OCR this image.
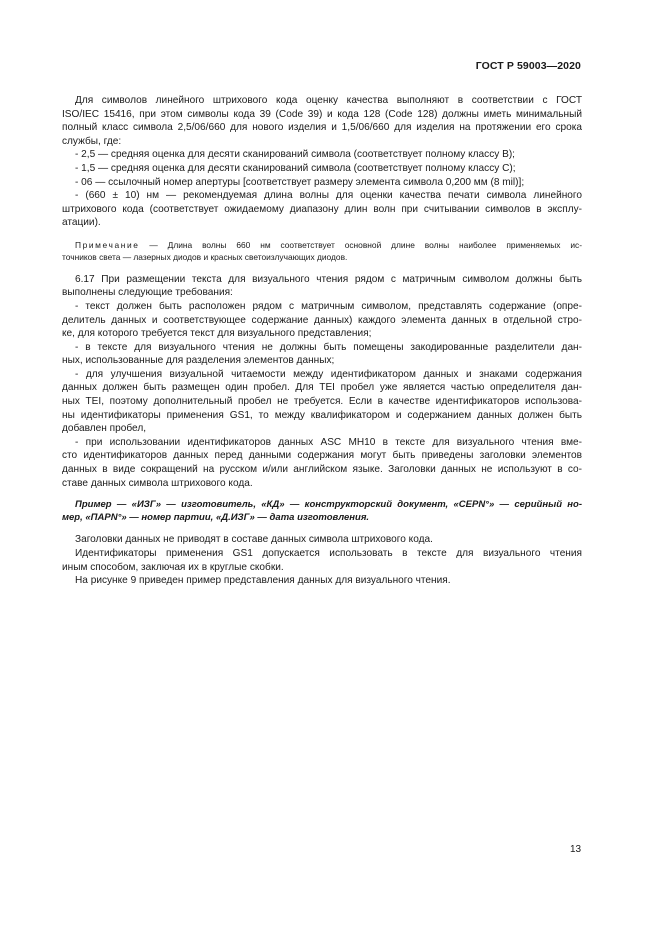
ГОСТ Р 59003—2020
Для символов линейного штрихового кода оценку качества выполняют в соответствии с ГОСТ
ISO/IEC 15416, при этом символы кода 39 (Code 39) и кода 128 (Code 128) должны иметь минимальный
полный класс символа 2,5/06/660 для нового изделия и 1,5/06/660 для изделия на протяжении его срока
службы, где:
- 2,5 — средняя оценка для десяти сканирований символа (соответствует полному классу В);
- 1,5 — средняя оценка для десяти сканирований символа (соответствует полному классу С);
- 06 — ссылочный номер апертуры [соответствует размеру элемента символа 0,200 мм (8 mil)];
- (660 ± 10) нм — рекомендуемая длина волны для оценки качества печати символа линейного
штрихового кода (соответствует ожидаемому диапазону длин волн при считывании символов в эксплу-
атации).
Примечание — Длина волны 660 нм соответствует основной длине волны наиболее применяемых ис-
точников света — лазерных диодов и красных светоизлучающих диодов.
6.17 При размещении текста для визуального чтения рядом с матричным символом должны быть
выполнены следующие требования:
- текст должен быть расположен рядом с матричным символом, представлять содержание (опре-
делитель данных и соответствующее содержание данных) каждого элемента данных в отдельной стро-
ке, для которого требуется текст для визуального представления;
- в тексте для визуального чтения не должны быть помещены закодированные разделители дан-
ных, использованные для разделения элементов данных;
- для улучшения визуальной читаемости между идентификатором данных и знаками содержания
данных должен быть размещен один пробел. Для TEI пробел уже является частью определителя дан-
ных TEI, поэтому дополнительный пробел не требуется. Если в качестве идентификаторов использова-
ны идентификаторы применения GS1, то между квалификатором и содержанием данных должен быть
добавлен пробел,
- при использовании идентификаторов данных ASC MH10 в тексте для визуального чтения вме-
сто идентификаторов данных перед данными содержания могут быть приведены заголовки элементов
данных в виде сокращений на русском и/или английском языке. Заголовки данных не используют в со-
ставе данных символа штрихового кода.
Пример — «ИЗГ» — изготовитель, «КД» — конструкторский документ, «СЕРN°» — серийный но-
мер, «ПАРN°» — номер партии, «Д.ИЗГ» — дата изготовления.
Заголовки данных не приводят в составе данных символа штрихового кода.
Идентификаторы применения GS1 допускается использовать в тексте для визуального чтения
иным способом, заключая их в круглые скобки.
На рисунке 9 приведен пример представления данных для визуального чтения.
13
